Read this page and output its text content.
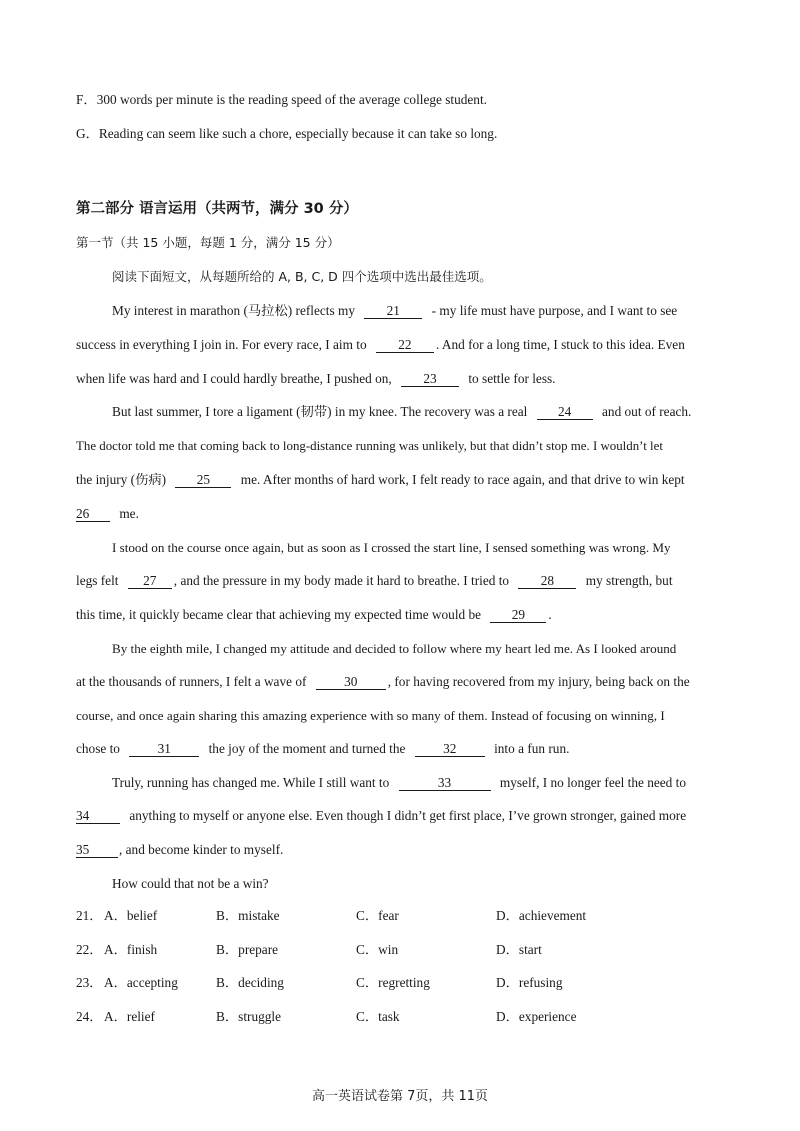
F．300 words per minute is the reading speed of the average college student.
G．Reading can seem like such a chore, especially because it can take so long.
第二部分 语言运用（共两节，满分 30 分）
第一节（共 15 小题，每题 1 分，满分 15 分）
阅读下面短文，从每题所给的 A, B, C, D 四个选项中选出最佳选项。
My interest in marathon (马拉松) reflects my 21 - my life must have purpose, and I want to see
success in everything I join in. For every race, I aim to 22 . And for a long time, I stuck to this idea. Even
when life was hard and I could hardly breathe, I pushed on, 23 to settle for less.
But last summer, I tore a ligament (韧带) in my knee. The recovery was a real 24 and out of reach.
The doctor told me that coming back to long-distance running was unlikely, but that didn’t stop me. I wouldn’t let
the injury (伤病) 25 me. After months of hard work, I felt ready to race again, and that drive to win kept
26 me.
I stood on the course once again, but as soon as I crossed the start line, I sensed something was wrong. My
legs felt 27 , and the pressure in my body made it hard to breathe. I tried to 28 my strength, but
this time, it quickly became clear that achieving my expected time would be 29 .
By the eighth mile, I changed my attitude and decided to follow where my heart led me. As I looked around
at the thousands of runners, I felt a wave of	30 , for having recovered from my injury, being back on the
course, and once again sharing this amazing experience with so many of them. Instead of focusing on winning, I
chose to	31	the joy of the moment and turned the	32	into a fun run.
Truly, running has changed me. While I still want to	33	myself, I no longer feel the need to
34	anything to myself or anyone else. Even though I didn’t get first place, I’ve grown stronger, gained more
35 , and become kinder to myself.
How could that not be a win?
21． A．belief	B．mistake	C．fear	D．achievement
22． A．finish	B．prepare	C．win	D．start
23． A．accepting	B．deciding	C．regretting	D．refusing
24． A．relief	B．struggle	C．task	D．experience
高一英语试卷第 7页，共 11页
